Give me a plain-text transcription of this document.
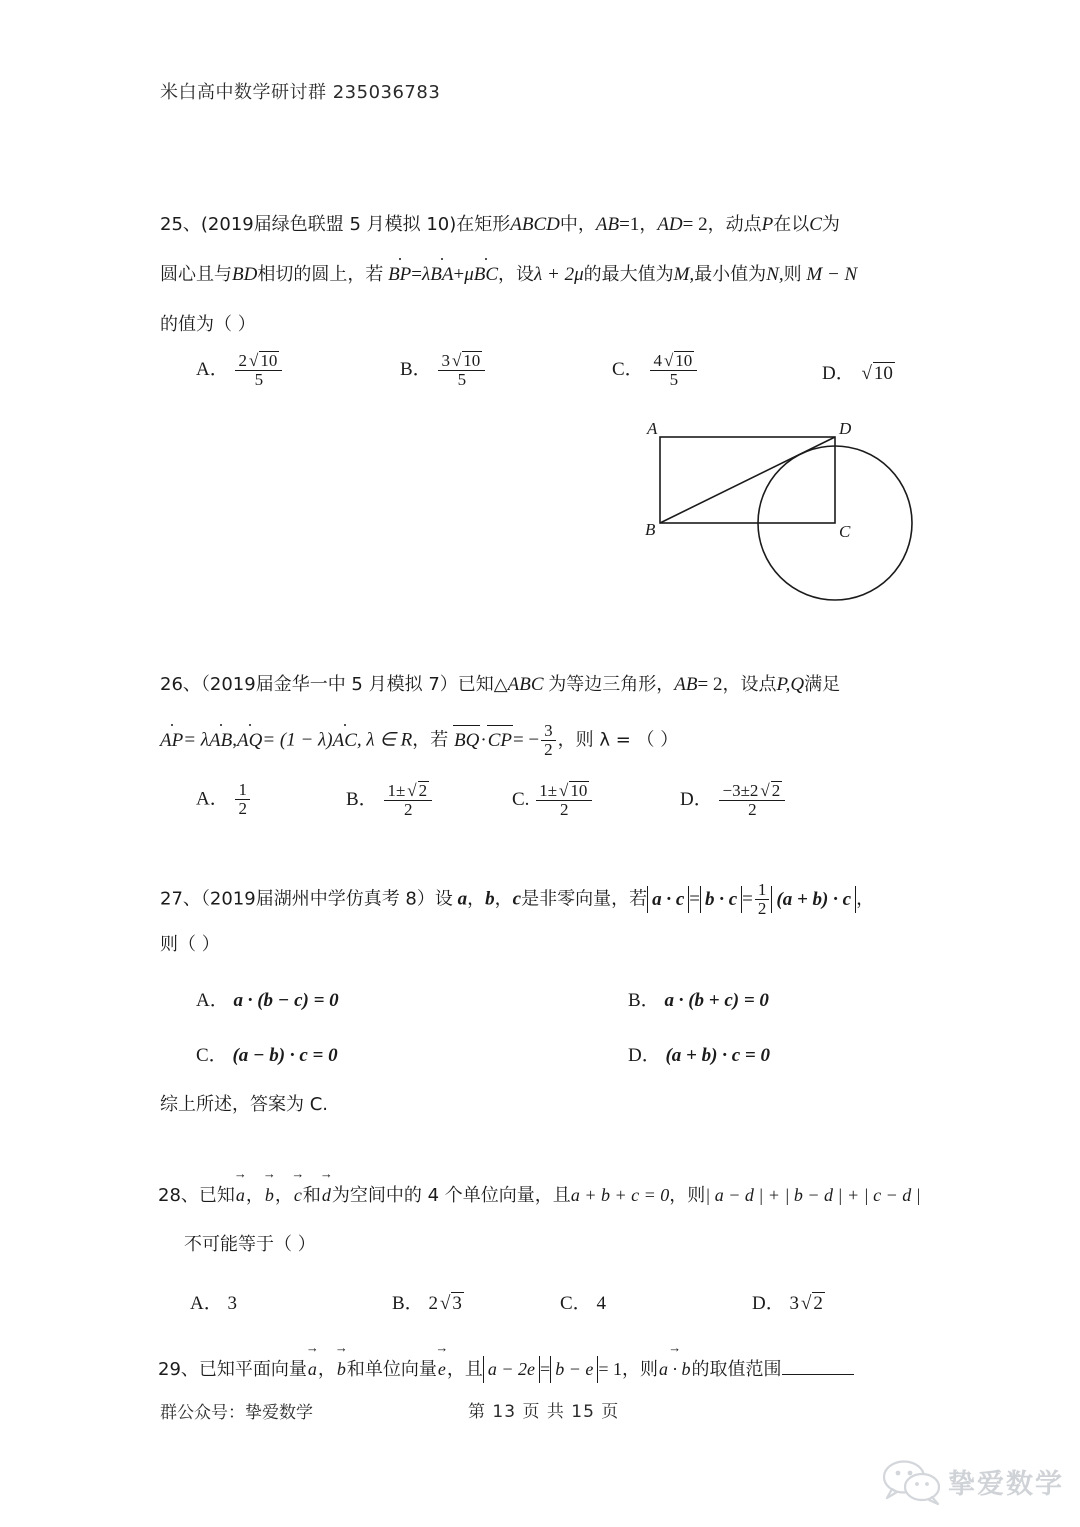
米白高中数学研讨群 235036783
25、(2019届绿色联盟 5 月模拟 10)在矩形ABCD中，AB=1，AD= 2，动点P在以C为
圆心且与BD相切的圆上，若 BP=λBA+μBC，设λ + 2μ的最大值为M,最小值为N,则 M − N
的值为（ ）
A． $\frac{2 √ 10}{5}$	B． $\frac{3 √ 10}{5}$	C． $\frac{4 √ 10}{5}$	D． √ 10
A
B	C
D
26、（2019届金华一中 5 月模拟 7）已知△ABC 为等边三角形，AB= 2，设点P,Q满足
AP= λAB,AQ= (1 − λ)AC, λ ∈ R，若 $BQ\cdot CP= - \frac{3}{2}$ ，则 λ = （ ）
A． $\frac{1}{2}$	B． $\frac{1\pm √ 2}{2}$	C. $\frac{1\pm √ 10}{2}$	D． $\frac{-3\pm 2 √ 2}{2}$
27、（2019届湖州中学仿真考 8）设 a，b，c是非零向量，若 $a \cdot c = b \cdot c = \frac{1}{2} (a + b) \cdot c$ ，
则（ ）
A． a · (b − c) = 0	B． a · (b + c) = 0
C． (a − b) · c = 0	D． (a + b) · c = 0
综上所述，答案为 C.
28、已知a →，b →，c →和d →为空间中的 4 个单位向量，且a + b + c = 0，则| a − d | + | b − d | + | c − d |
不可能等于（ ）
A． 3	B． 2 √ 3	C． 4	D． 3 √ 2
29、已知平面向量a →，b →和单位向量e →，且 a − 2e = b − e = 1，则a · b →的取值范围
群公众号：挚爱数学	第 13 页 共 15 页
挚爱数学
